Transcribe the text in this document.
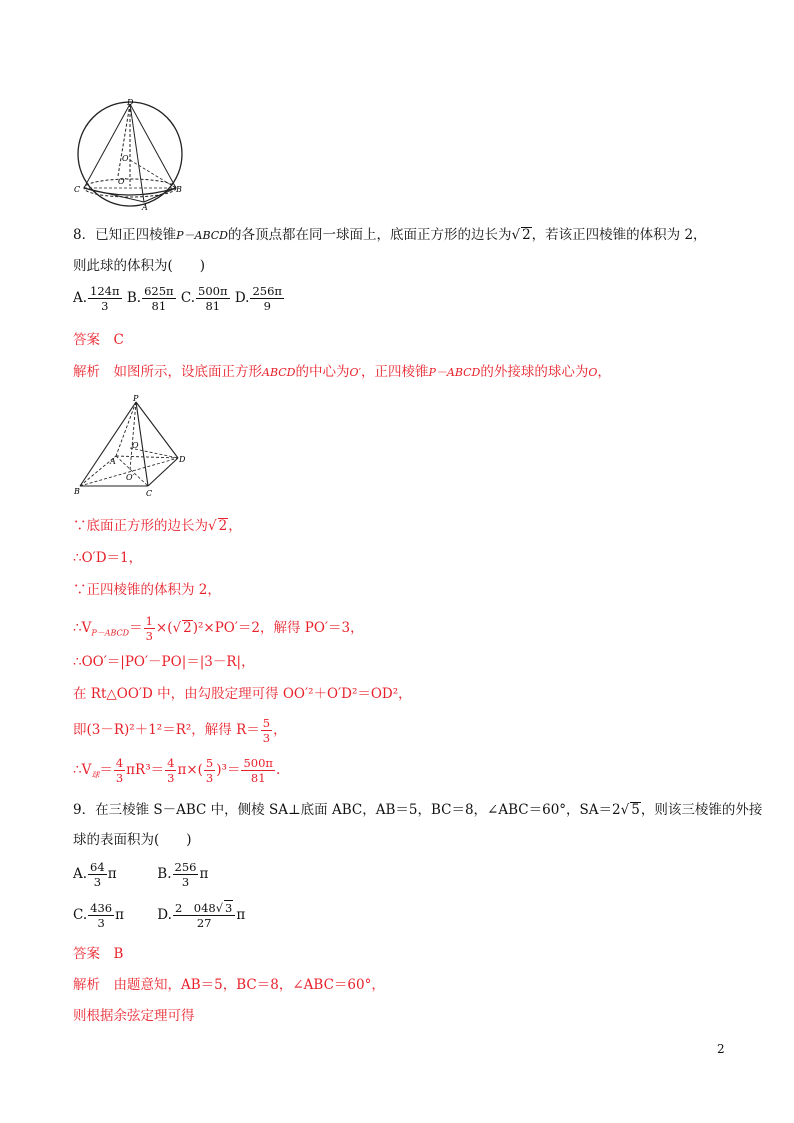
D
O
O′
C
A
B
8．已知正四棱锥P－ABCD的各顶点都在同一球面上，底面正方形的边长为√ 2，若该正四棱锥的体积为 2，
则此球的体积为(　　)
A. $\frac{124\pi}{3} B$. $\frac{625\pi}{81} C$. $\frac{500\pi}{81} D$. $\frac{256\pi}{9}$
答案　C
解析　如图所示，设底面正方形ABCD的中心为O′，正四棱锥P－ABCD的外接球的球心为O，
P
A	D
O′
O
B	C
∵底面正方形的边长为√ 2，
∴O′D＝1，
∵正四棱锥的体积为 2，
$\therefore V_{P-ABCD}= \frac{1}{3}$ ×(√ 2)²×PO′＝2，解得 PO′＝3，
∴OO′＝|PO′－PO|＝|3－R|，
在 Rt△OO′D 中，由勾股定理可得 OO′²＋O′D²＝OD²，
即(3－R)²＋1²＝R²，解得 $R= \frac{5}{3}$ ，
$\therefore V_球= \frac{4}{3} \pi R^3= \frac{4}{3} \pi\times( \frac{5}{3} )^3= \frac{500\pi}{81}$ .
9．在三棱锥 S－ABC 中，侧棱 SA⊥底面 ABC，AB＝5，BC＝8，∠ABC＝60°，SA＝2√ 5，则该三棱锥的外接
球的表面积为(　　)
A. $\frac{64}{3}$ π	B. $\frac{256}{3}$ π
C. $\frac{436}{3}$ π D. $\frac{2 048√ 3}{27}$ π
答案　B
解析　由题意知，AB＝5，BC＝8，∠ABC＝60°，
则根据余弦定理可得
2
